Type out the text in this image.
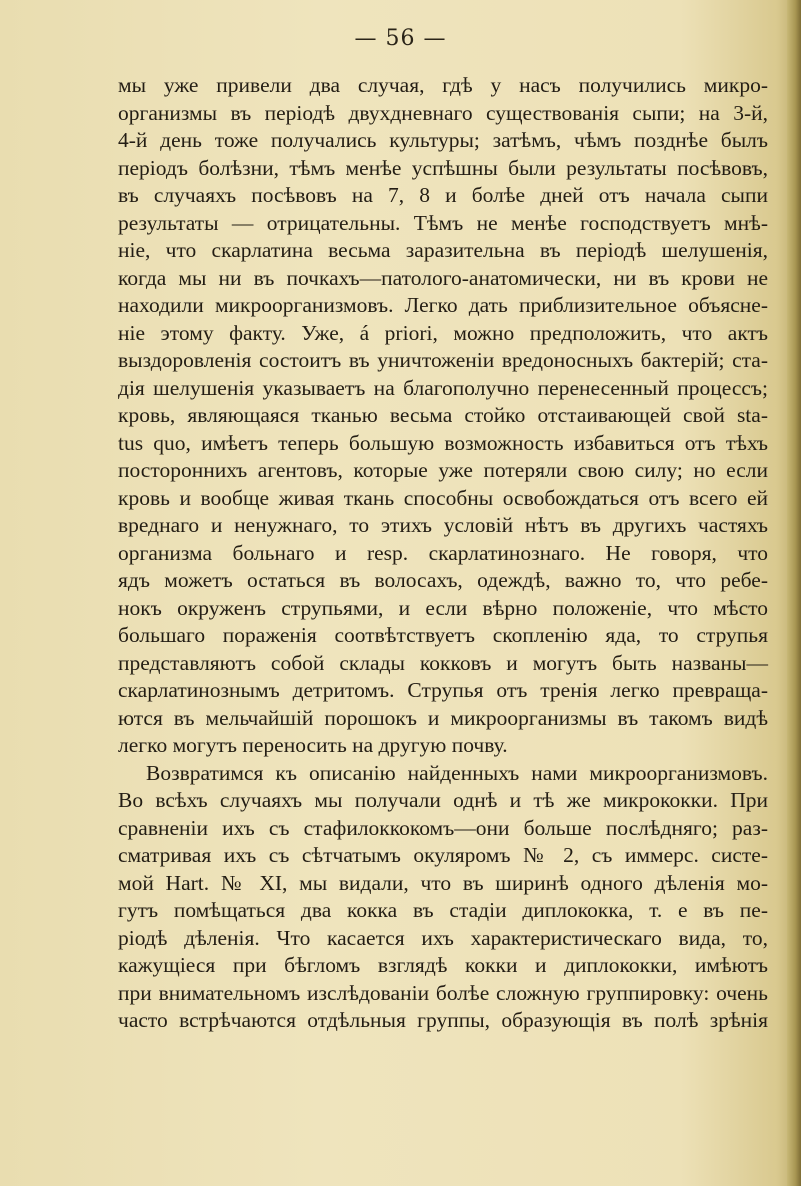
— 56 —
мы уже привели два случая, гдѣ у насъ получились микро-
организмы въ періодѣ двухдневнаго существованія сыпи; на 3-й,
4-й день тоже получались культуры; затѣмъ, чѣмъ позднѣе былъ
періодъ болѣзни, тѣмъ менѣе успѣшны были результаты посѣвовъ,
въ случаяхъ посѣвовъ на 7, 8 и болѣе дней отъ начала сыпи
результаты — отрицательны. Тѣмъ не менѣе господствуетъ мнѣ-
ніе, что скарлатина весьма заразительна въ періодѣ шелушенія,
когда мы ни въ почкахъ—патолого-анатомически, ни въ крови не
находили микроорганизмовъ. Легко дать приблизительное объясне-
ніе этому факту. Уже, á priori, можно предположить, что актъ
выздоровленія состоитъ въ уничтоженіи вредоносныхъ бактерій; ста-
дія шелушенія указываетъ на благополучно перенесенный процессъ;
кровь, являющаяся тканью весьма стойко отстаивающей свой sta-
tus quo, имѣетъ теперь большую возможность избавиться отъ тѣхъ
постороннихъ агентовъ, которые уже потеряли свою силу; но если
кровь и вообще живая ткань способны освобождаться отъ всего ей
вреднаго и ненужнаго, то этихъ условій нѣтъ въ другихъ частяхъ
организма больнаго и resp. скарлатинознаго. Не говоря, что
ядъ можетъ остаться въ волосахъ, одеждѣ, важно то, что ребе-
нокъ окруженъ струпьями, и если вѣрно положеніе, что мѣсто
большаго пораженія соотвѣтствуетъ скопленію яда, то струпья
представляютъ собой склады кокковъ и могутъ быть названы—
скарлатинознымъ детритомъ. Струпья отъ тренія легко превраща-
ются въ мельчайшій порошокъ и микроорганизмы въ такомъ видѣ
легко могутъ переносить на другую почву.
Возвратимся къ описанію найденныхъ нами микроорганизмовъ.
Во всѣхъ случаяхъ мы получали однѣ и тѣ же микрококки. При
сравненіи ихъ съ стафилоккокомъ—они больше послѣдняго; раз-
сматривая ихъ съ сѣтчатымъ окуляромъ № 2, съ иммерс. систе-
мой Hart. № XI, мы видали, что въ ширинѣ одного дѣленія мо-
гутъ помѣщаться два кокка въ стадіи диплококка, т. е въ пе-
ріодѣ дѣленія. Что касается ихъ характеристическаго вида, то,
кажущіеся при бѣгломъ взглядѣ кокки и диплококки, имѣютъ
при внимательномъ изслѣдованіи болѣе сложную группировку: очень
часто встрѣчаются отдѣльныя группы, образующія въ полѣ зрѣнія
